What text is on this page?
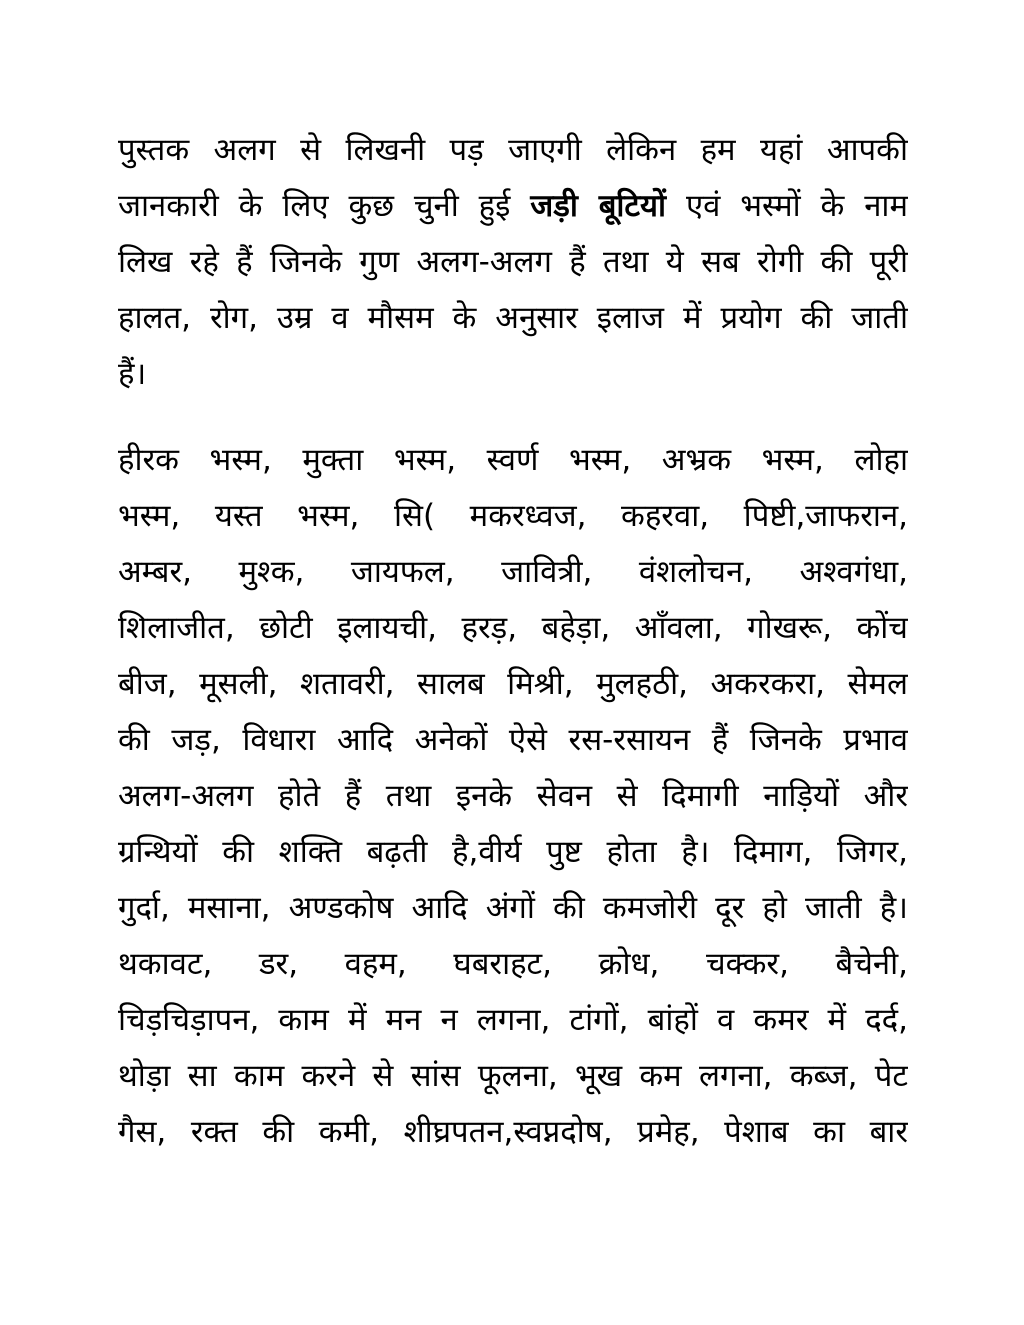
पुस्तक अलग से लिखनी पड़ जाएगी लेकिन हम यहां आपकी
जानकारी के लिए कुछ चुनी हुई जड़ी बूटियों एवं भस्मों के नाम
लिख रहे हैं जिनके गुण अलग-अलग हैं तथा ये सब रोगी की पूरी
हालत, रोग, उम्र व मौसम के अनुसार इलाज में प्रयोग की जाती
हैं।
हीरक भस्म, मुक्ता भस्म, स्वर्ण भस्म, अभ्रक भस्म, लोहा
भस्म, यस्त भस्म, सि( मकरध्वज, कहरवा, पिष्टी,जाफरान,
अम्बर, मुश्क, जायफल, जावित्री, वंशलोचन, अश्वगंधा,
शिलाजीत, छोटी इलायची, हरड़, बहेड़ा, आँवला, गोखरू, कोंच
बीज, मूसली, शतावरी, सालब मिश्री, मुलहठी, अकरकरा, सेमल
की जड़, विधारा आदि अनेकों ऐसे रस-रसायन हैं जिनके प्रभाव
अलग-अलग होते हैं तथा इनके सेवन से दिमागी नाड़ियों और
ग्रन्थियों की शक्ति बढ़ती है,वीर्य पुष्ट होता है। दिमाग, जिगर,
गुर्दा, मसाना, अण्डकोष आदि अंगों की कमजोरी दूर हो जाती है।
थकावट, डर, वहम, घबराहट, क्रोध, चक्कर, बैचेनी,
चिड़चिड़ापन, काम में मन न लगना, टांगों, बांहों व कमर में दर्द,
थोड़ा सा काम करने से सांस फूलना, भूख कम लगना, कब्ज, पेट
गैस, रक्त की कमी, शीघ्रपतन,स्वप्नदोष, प्रमेह, पेशाब का बार
